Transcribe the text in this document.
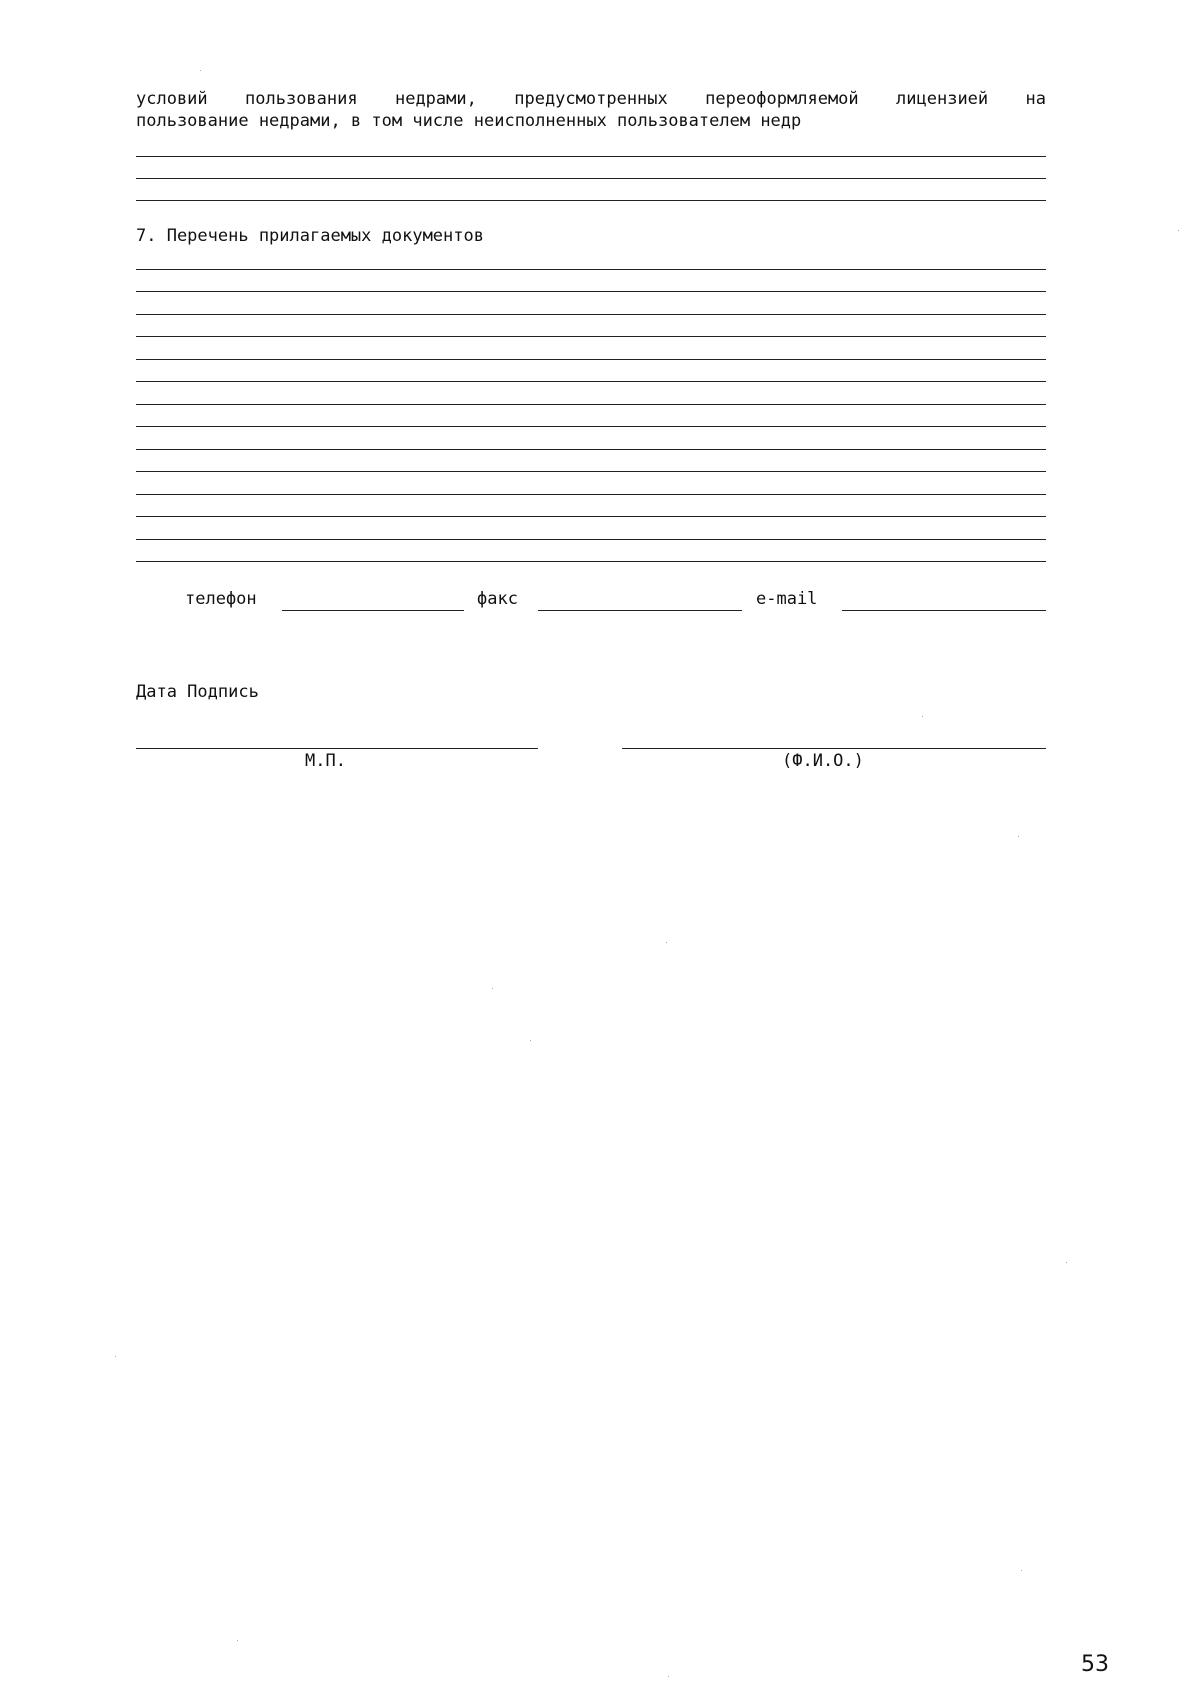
условий пользования недрами, предусмотренных переоформляемой лицензией на
пользование недрами, в том числе неисполненных пользователем недр
7. Перечень прилагаемых документов
телефон	факс	e-mail
Дата Подпись
М.П.	(Ф.И.О.)
53
